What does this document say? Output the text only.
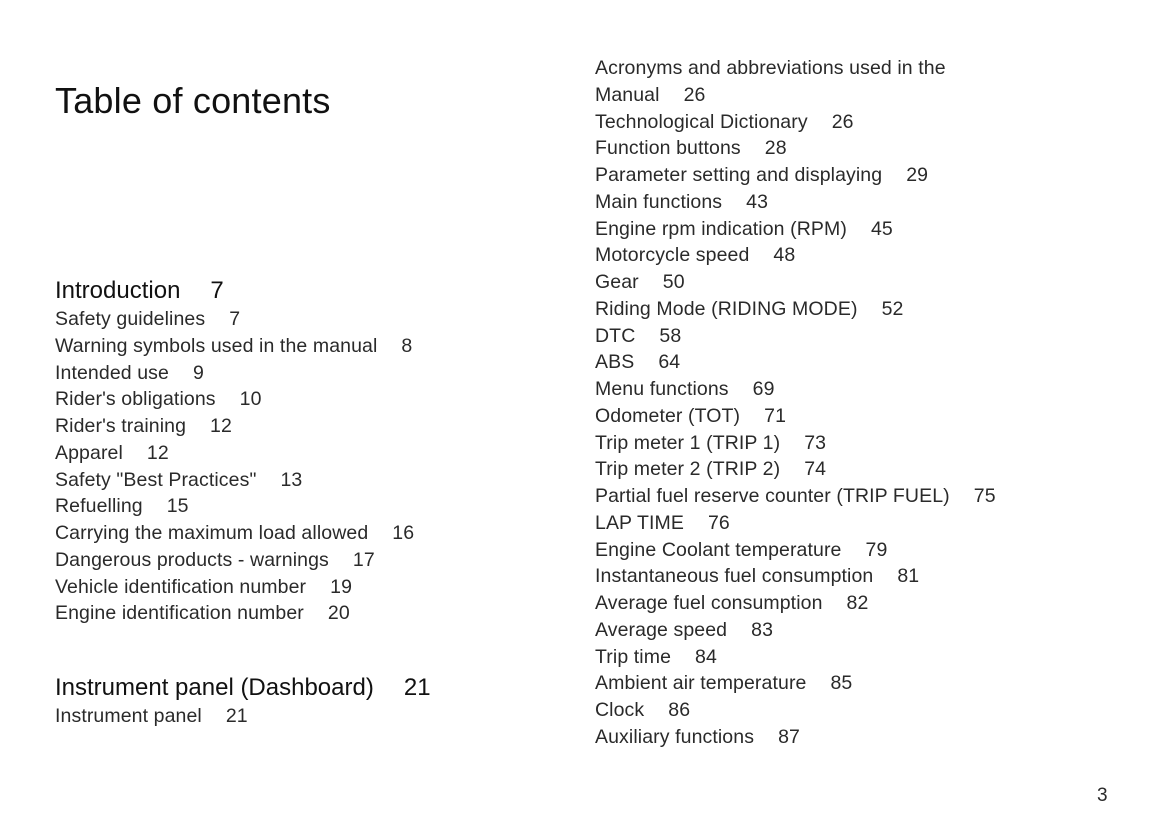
Table of contents
Introduction 7
Safety guidelines 7
Warning symbols used in the manual 8
Intended use 9
Rider's obligations 10
Rider's training 12
Apparel 12
Safety "Best Practices" 13
Refuelling 15
Carrying the maximum load allowed 16
Dangerous products - warnings 17
Vehicle identification number 19
Engine identification number 20
Instrument panel (Dashboard) 21
Instrument panel 21
Acronyms and abbreviations used in the
Manual 26
Technological Dictionary 26
Function buttons 28
Parameter setting and displaying 29
Main functions 43
Engine rpm indication (RPM) 45
Motorcycle speed 48
Gear 50
Riding Mode (RIDING MODE) 52
DTC 58
ABS 64
Menu functions 69
Odometer (TOT) 71
Trip meter 1 (TRIP 1) 73
Trip meter 2 (TRIP 2) 74
Partial fuel reserve counter (TRIP FUEL) 75
LAP TIME 76
Engine Coolant temperature 79
Instantaneous fuel consumption 81
Average fuel consumption 82
Average speed 83
Trip time 84
Ambient air temperature 85
Clock 86
Auxiliary functions 87
3
